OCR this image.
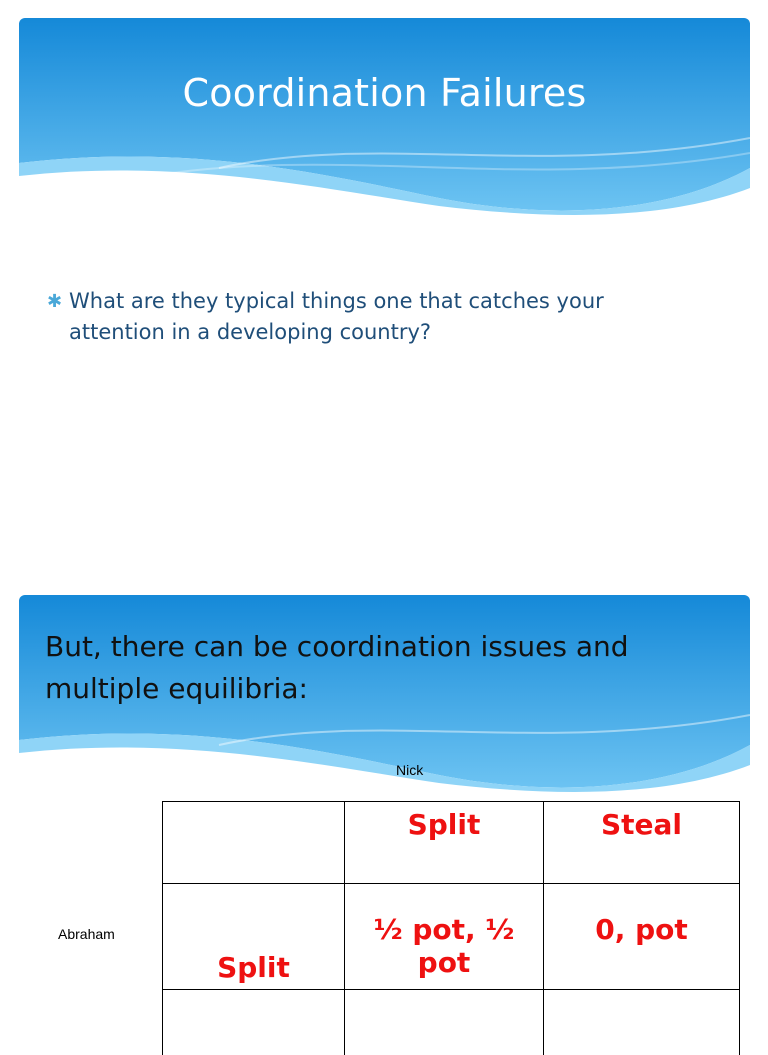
Coordination Failures
✱ What are they typical things one that catches your attention in a developing country?
But, there can be coordination issues and multiple equilibria:
Nick
Abraham

	Split	Steal

Split	½ pot, ½ pot	0, pot
